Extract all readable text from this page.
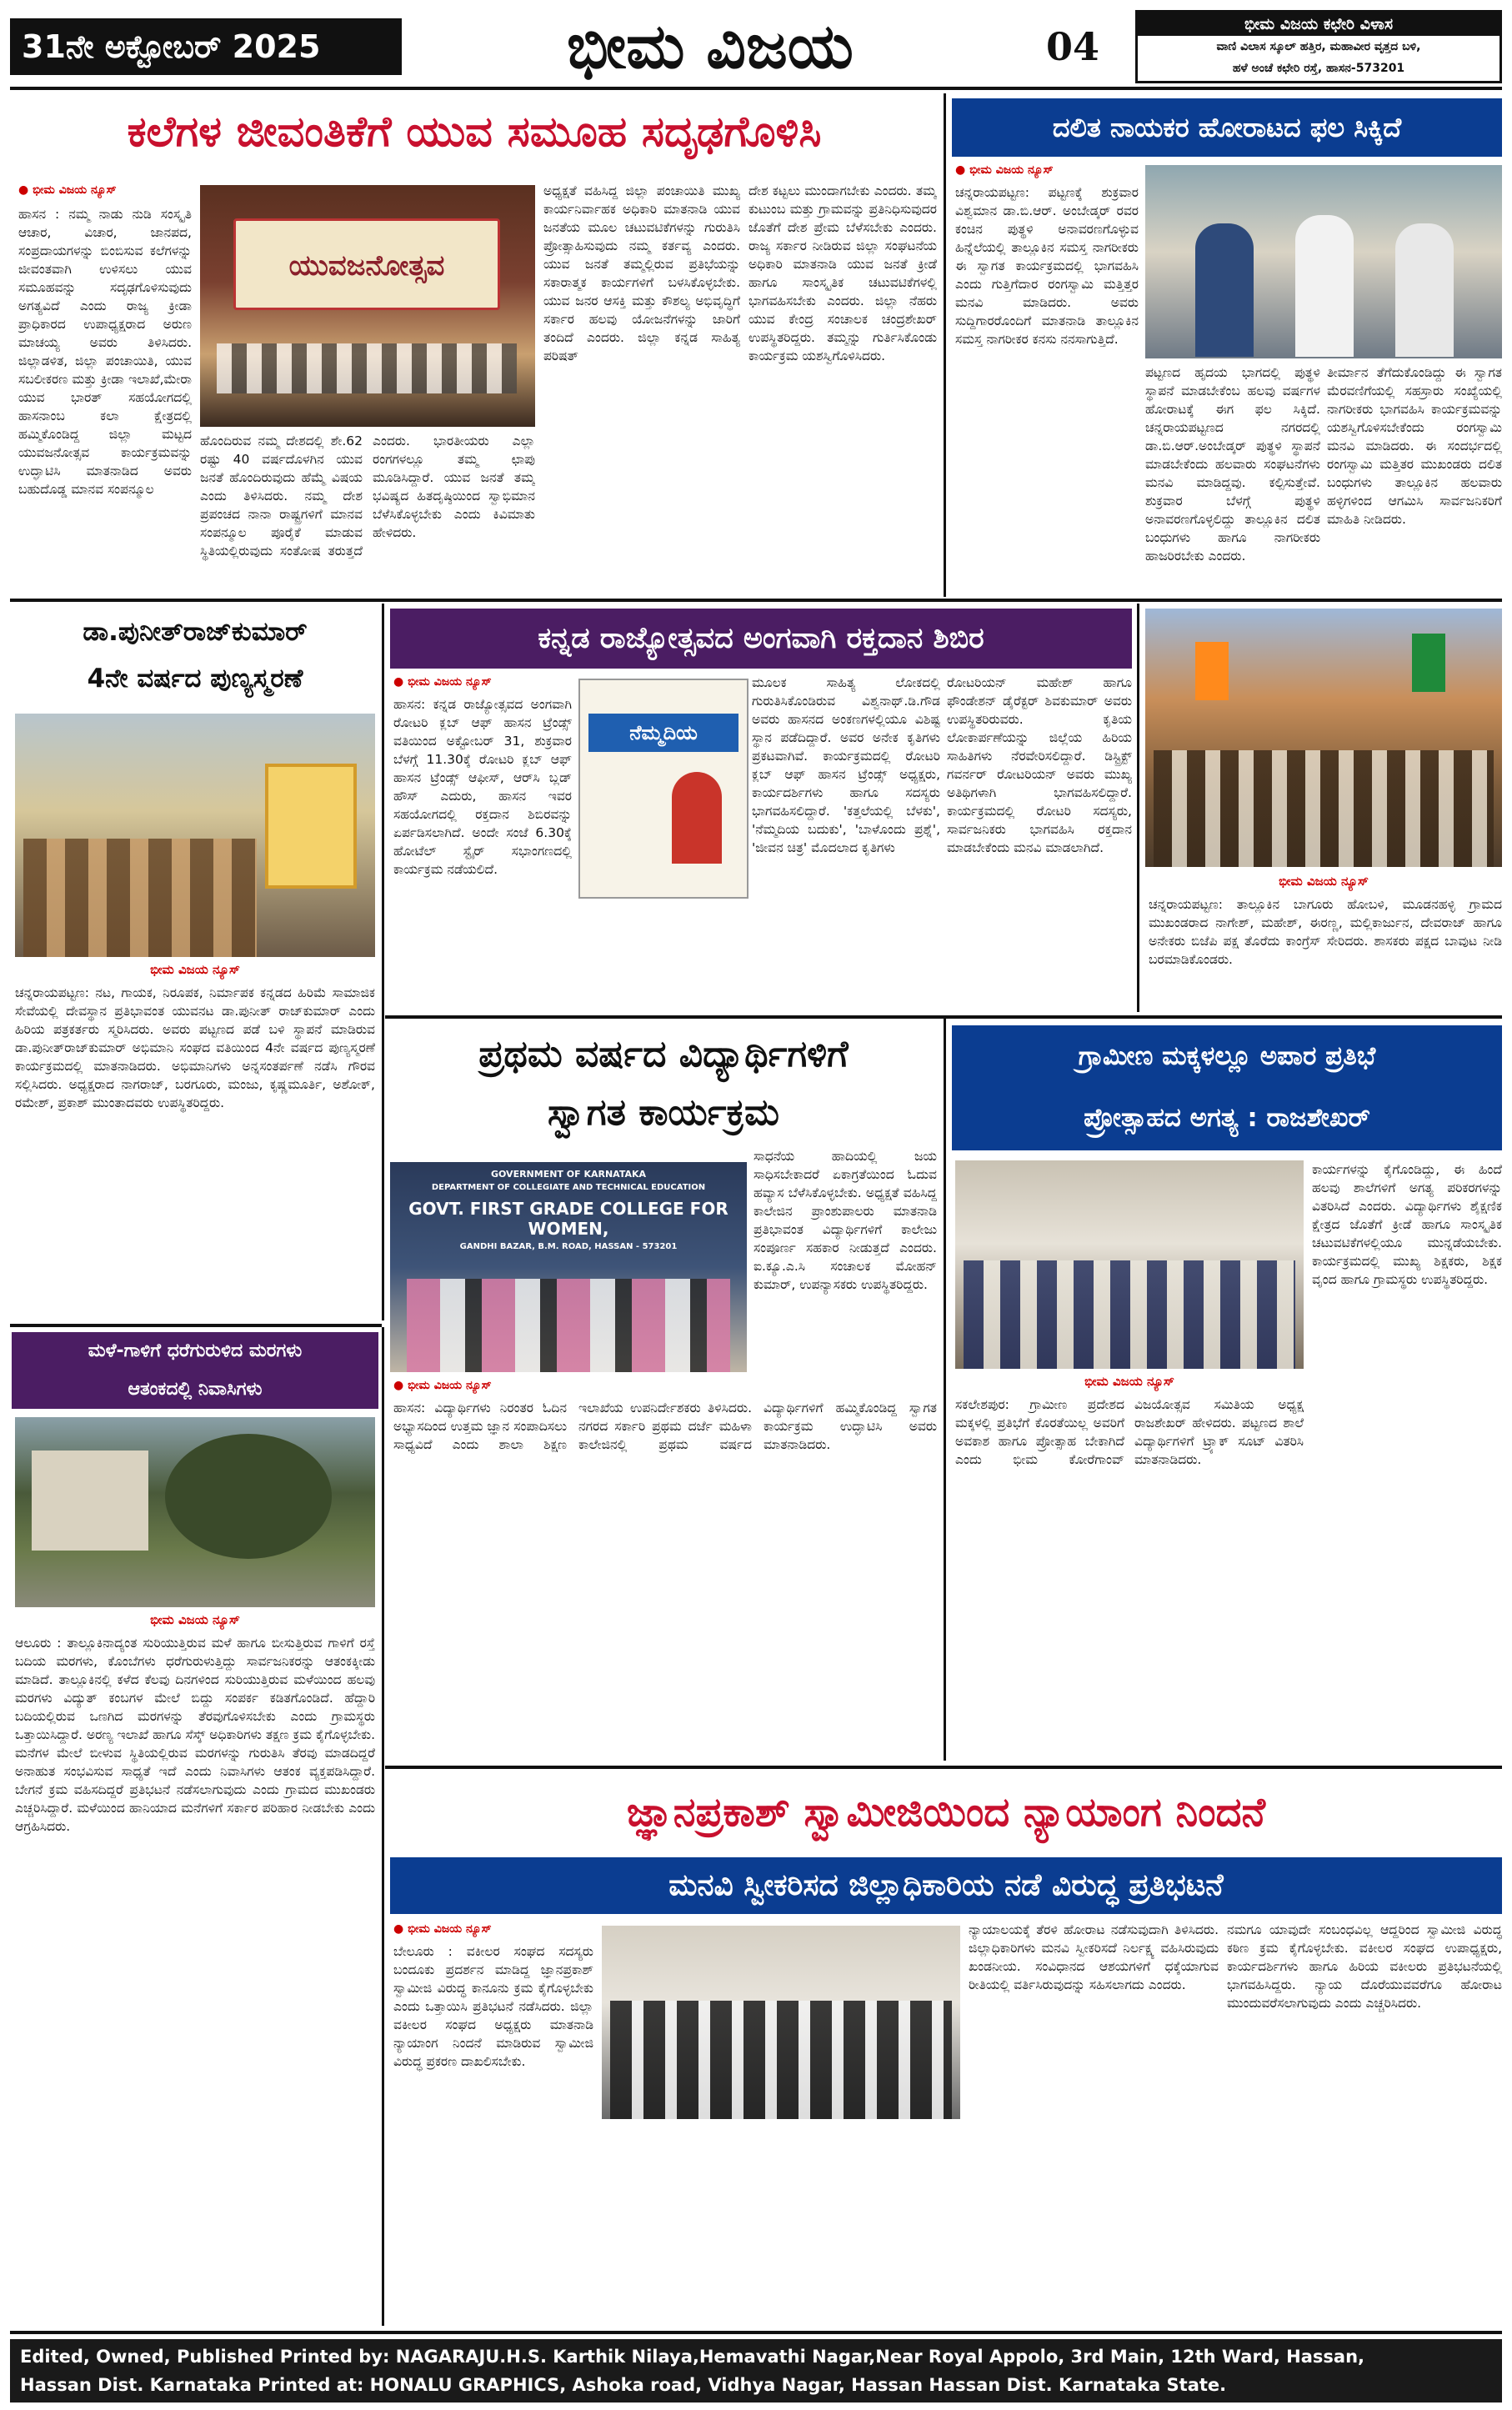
31ನೇ ಅಕ್ಟೋಬರ್ 2025	ಭೀಮ ವಿಜಯ	04	ಭೀಮ ವಿಜಯ ಕಛೇರಿ ವಿಳಾಸ
ವಾಣಿ ವಿಲಾಸ ಸ್ಕೂಲ್ ಹತ್ತಿರ, ಮಹಾವೀರ ವೃತ್ತದ ಬಳಿ,
ಹಳೆ ಅಂಚೆ ಕಛೇರಿ ರಸ್ತೆ, ಹಾಸನ-573201
ಕಲೆಗಳ ಜೀವಂತಿಕೆಗೆ ಯುವ ಸಮೂಹ ಸದೃಢಗೊಳಿಸಿ
● ಭೀಮ ವಿಜಯ ನ್ಯೂಸ್
ಹಾಸನ : ನಮ್ಮ ನಾಡು ನುಡಿ ಸಂಸ್ಕೃತಿ ಆಚಾರ, ವಿಚಾರ, ಜಾನಪದ, ಸಂಪ್ರದಾಯಗಳನ್ನು ಬಿಂಬಿಸುವ ಕಲೆಗಳನ್ನು ಜೀವಂತವಾಗಿ ಉಳಿಸಲು ಯುವ ಸಮೂಹವನ್ನು ಸದೃಢಗೊಳಿಸುವುದು ಅಗತ್ಯವಿದೆ ಎಂದು ರಾಜ್ಯ ಕ್ರೀಡಾ ಪ್ರಾಧಿಕಾರದ ಉಪಾಧ್ಯಕ್ಷರಾದ ಅರುಣ ಮಾಚಯ್ಯ ಅವರು ತಿಳಿಸಿದರು. ಜಿಲ್ಲಾಡಳಿತ, ಜಿಲ್ಲಾ ಪಂಚಾಯಿತಿ, ಯುವ ಸಬಲೀಕರಣ ಮತ್ತು ಕ್ರೀಡಾ ಇಲಾಖೆ,ಮೇರಾ ಯುವ ಭಾರತ್ ಸಹಯೋಗದಲ್ಲಿ ಹಾಸನಾಂಬ ಕಲಾ ಕ್ಷೇತ್ರದಲ್ಲಿ ಹಮ್ಮಿಕೊಂಡಿದ್ದ ಜಿಲ್ಲಾ ಮಟ್ಟದ ಯುವಜನೋತ್ಸವ ಕಾರ್ಯಕ್ರಮವನ್ನು ಉದ್ಘಾಟಿಸಿ ಮಾತನಾಡಿದ ಅವರು ಬಹುದೊಡ್ಡ ಮಾನವ ಸಂಪನ್ಮೂಲ
ಯುವಜನೋತ್ಸವ
ಹೊಂದಿರುವ ನಮ್ಮ ದೇಶದಲ್ಲಿ ಶೇ.62 ರಷ್ಟು 40 ವರ್ಷದೊಳಗಿನ ಯುವ ಜನತೆ ಹೊಂದಿರುವುದು ಹೆಮ್ಮೆ ವಿಷಯ ಎಂದು ತಿಳಿಸಿದರು. ನಮ್ಮ ದೇಶ ಪ್ರಪಂಚದ ನಾನಾ ರಾಷ್ಟ್ರಗಳಿಗೆ ಮಾನವ ಸಂಪನ್ಮೂಲ ಪೂರೈಕೆ ಮಾಡುವ ಸ್ಥಿತಿಯಲ್ಲಿರುವುದು ಸಂತೋಷ ತರುತ್ತದೆ ಎಂದರು. ಭಾರತೀಯರು ಎಲ್ಲಾ ರಂಗಗಳಲ್ಲೂ ತಮ್ಮ ಛಾಪು ಮೂಡಿಸಿದ್ದಾರೆ. ಯುವ ಜನತೆ ತಮ್ಮ ಭವಿಷ್ಯದ ಹಿತದೃಷ್ಠಿಯಿಂದ ಸ್ವಾಭಿಮಾನ ಬೆಳೆಸಿಕೊಳ್ಳಬೇಕು ಎಂದು ಕಿವಿಮಾತು ಹೇಳಿದರು.
ಅಧ್ಯಕ್ಷತೆ ವಹಿಸಿದ್ದ ಜಿಲ್ಲಾ ಪಂಚಾಯಿತಿ ಮುಖ್ಯ ಕಾರ್ಯನಿರ್ವಾಹಕ ಅಧಿಕಾರಿ ಮಾತನಾಡಿ ಯುವ ಜನತೆಯ ಮೂಲ ಚಟುವಟಿಕೆಗಳನ್ನು ಗುರುತಿಸಿ ಪ್ರೋತ್ಸಾಹಿಸುವುದು ನಮ್ಮ ಕರ್ತವ್ಯ ಎಂದರು. ಯುವ ಜನತೆ ತಮ್ಮಲ್ಲಿರುವ ಪ್ರತಿಭೆಯನ್ನು ಸಕಾರಾತ್ಮಕ ಕಾರ್ಯಗಳಿಗೆ ಬಳಸಿಕೊಳ್ಳಬೇಕು. ಯುವ ಜನರ ಆಸಕ್ತಿ ಮತ್ತು ಕೌಶಲ್ಯ ಅಭಿವೃದ್ಧಿಗೆ ಸರ್ಕಾರ ಹಲವು ಯೋಜನೆಗಳನ್ನು ಜಾರಿಗೆ ತಂದಿದೆ ಎಂದರು. ಜಿಲ್ಲಾ ಕನ್ನಡ ಸಾಹಿತ್ಯ ಪರಿಷತ್
ದೇಶ ಕಟ್ಟಲು ಮುಂದಾಗಬೇಕು ಎಂದರು. ತಮ್ಮ ಕುಟುಂಬ ಮತ್ತು ಗ್ರಾಮವನ್ನು ಪ್ರತಿನಿಧಿಸುವುದರ ಜೊತೆಗೆ ದೇಶ ಪ್ರೇಮ ಬೆಳೆಸಬೇಕು ಎಂದರು. ರಾಜ್ಯ ಸರ್ಕಾರ ನೀಡಿರುವ ಜಿಲ್ಲಾ ಸಂಘಟನೆಯ ಅಧಿಕಾರಿ ಮಾತನಾಡಿ ಯುವ ಜನತೆ ಕ್ರೀಡೆ ಹಾಗೂ ಸಾಂಸ್ಕೃತಿಕ ಚಟುವಟಿಕೆಗಳಲ್ಲಿ ಭಾಗವಹಿಸಬೇಕು ಎಂದರು. ಜಿಲ್ಲಾ ನೆಹರು ಯುವ ಕೇಂದ್ರ ಸಂಚಾಲಕ ಚಂದ್ರಶೇಖರ್ ಉಪಸ್ಥಿತರಿದ್ದರು. ತಮ್ಮನ್ನು ಗುರ್ತಿಸಿಕೊಂಡು ಕಾರ್ಯಕ್ರಮ ಯಶಸ್ವಿಗೊಳಿಸಿದರು.
ದಲಿತ ನಾಯಕರ ಹೋರಾಟದ ಫಲ ಸಿಕ್ಕಿದೆ
● ಭೀಮ ವಿಜಯ ನ್ಯೂಸ್
ಚನ್ನರಾಯಪಟ್ಟಣ: ಪಟ್ಟಣಕ್ಕೆ ಶುಕ್ರವಾರ ವಿಶ್ವಮಾನ ಡಾ.ಬಿ.ಆರ್. ಅಂಬೇಡ್ಕರ್ ರವರ ಕಂಚಿನ ಪುತ್ಥಳಿ ಅನಾವರಣಗೊಳ್ಳುವ ಹಿನ್ನೆಲೆಯಲ್ಲಿ ತಾಲ್ಲೂಕಿನ ಸಮಸ್ತ ನಾಗರೀಕರು ಈ ಸ್ವಾಗತ ಕಾರ್ಯಕ್ರಮದಲ್ಲಿ ಭಾಗವಹಿಸಿ ಎಂದು ಗುತ್ತಿಗೆದಾರ ರಂಗಸ್ವಾಮಿ ಮತ್ತಿತ್ತರ ಮನವಿ ಮಾಡಿದರು. ಅವರು ಸುದ್ದಿಗಾರರೊಂದಿಗೆ ಮಾತನಾಡಿ ತಾಲ್ಲೂಕಿನ ಸಮಸ್ತ ನಾಗರೀಕರ ಕನಸು ನನಸಾಗುತ್ತಿದೆ.
ಪಟ್ಟಣದ ಹೃದಯ ಭಾಗದಲ್ಲಿ ಪುತ್ಥಳಿ ಸ್ಥಾಪನೆ ಮಾಡಬೇಕೆಂಬ ಹಲವು ವರ್ಷಗಳ ಹೋರಾಟಕ್ಕೆ ಈಗ ಫಲ ಸಿಕ್ಕಿದೆ. ಚನ್ನರಾಯಪಟ್ಟಣದ ನಗರದಲ್ಲಿ ಡಾ.ಬಿ.ಆರ್.ಅಂಬೇಡ್ಕರ್ ಪುತ್ಥಳಿ ಸ್ಥಾಪನೆ ಮಾಡಬೇಕೆಂದು ಹಲವಾರು ಸಂಘಟನೆಗಳು ಮನವಿ ಮಾಡಿದ್ದವು. ಕಲ್ಪಿಸುತ್ತೇವೆ. ಶುಕ್ರವಾರ ಬೆಳಗ್ಗೆ ಪುತ್ಥಳಿ ಅನಾವರಣಗೊಳ್ಳಲಿದ್ದು ತಾಲ್ಲೂಕಿನ ದಲಿತ ಬಂಧುಗಳು ಹಾಗೂ ನಾಗರೀಕರು ಹಾಜರಿರಬೇಕು ಎಂದರು.
ತೀರ್ಮಾನ ತೆಗೆದುಕೊಂಡಿದ್ದು ಈ ಸ್ವಾಗತ ಮೆರವಣಿಗೆಯಲ್ಲಿ ಸಹಸ್ರಾರು ಸಂಖ್ಯೆಯಲ್ಲಿ ನಾಗರೀಕರು ಭಾಗವಹಿಸಿ ಕಾರ್ಯಕ್ರಮವನ್ನು ಯಶಸ್ವಿಗೊಳಿಸಬೇಕೆಂದು ರಂಗಸ್ವಾಮಿ ಮನವಿ ಮಾಡಿದರು. ಈ ಸಂದರ್ಭದಲ್ಲಿ ರಂಗಸ್ವಾಮಿ ಮತ್ತಿತರ ಮುಖಂಡರು ದಲಿತ ಬಂಧುಗಳು ತಾಲ್ಲೂಕಿನ ಹಲವಾರು ಹಳ್ಳಿಗಳಿಂದ ಆಗಮಿಸಿ ಸಾರ್ವಜನಿಕರಿಗೆ ಮಾಹಿತಿ ನೀಡಿದರು.
ಡಾ.ಪುನೀತ್‌ರಾಜ್‌ಕುಮಾರ್
4ನೇ ವರ್ಷದ ಪುಣ್ಯಸ್ಮರಣೆ
ಭೀಮ ವಿಜಯ ನ್ಯೂಸ್
ಚನ್ನರಾಯಪಟ್ಟಣ: ನಟ, ಗಾಯಕ, ನಿರೂಪಕ, ನಿರ್ಮಾಪಕ ಕನ್ನಡದ ಹಿರಿಮೆ ಸಾಮಾಜಿಕ ಸೇವೆಯಲ್ಲಿ ದೇವಸ್ಥಾನ ಪ್ರತಿಭಾವಂತ ಯುವನಟ ಡಾ.ಪುನೀತ್ ರಾಜ್‌ಕುಮಾರ್ ಎಂದು ಹಿರಿಯ ಪತ್ರಕರ್ತರು ಸ್ಮರಿಸಿದರು. ಅವರು ಪಟ್ಟಣದ ಪಡೆ ಬಳಿ ಸ್ಥಾಪನೆ ಮಾಡಿರುವ ಡಾ.ಪುನೀತ್‌ರಾಜ್‌ಕುಮಾರ್ ಅಭಿಮಾನಿ ಸಂಘದ ವತಿಯಿಂದ 4ನೇ ವರ್ಷದ ಪುಣ್ಯಸ್ಮರಣೆ ಕಾರ್ಯಕ್ರಮದಲ್ಲಿ ಮಾತನಾಡಿದರು. ಅಭಿಮಾನಿಗಳು ಅನ್ನಸಂತರ್ಪಣೆ ನಡೆಸಿ ಗೌರವ ಸಲ್ಲಿಸಿದರು. ಅಧ್ಯಕ್ಷರಾದ ನಾಗರಾಜ್, ಬರಗೂರು, ಮಂಜು, ಕೃಷ್ಣಮೂರ್ತಿ, ಅಶೋಕ್, ರಮೇಶ್, ಪ್ರಕಾಶ್ ಮುಂತಾದವರು ಉಪಸ್ಥಿತರಿದ್ದರು.
ಕನ್ನಡ ರಾಜ್ಯೋತ್ಸವದ ಅಂಗವಾಗಿ ರಕ್ತದಾನ ಶಿಬಿರ
● ಭೀಮ ವಿಜಯ ನ್ಯೂಸ್
ಹಾಸನ: ಕನ್ನಡ ರಾಜ್ಯೋತ್ಸವದ ಅಂಗವಾಗಿ ರೋಟರಿ ಕ್ಲಬ್ ಆಫ್ ಹಾಸನ ಟ್ರೆಂಡ್ಸ್ ವತಿಯಿಂದ ಅಕ್ಟೋಬರ್ 31, ಶುಕ್ರವಾರ ಬೆಳಗ್ಗೆ 11.30ಕ್ಕೆ ರೋಟರಿ ಕ್ಲಬ್ ಆಫ್ ಹಾಸನ ಟ್ರೆಂಡ್ಸ್ ಆಫೀಸ್, ಆರ್‌ಸಿ ಬ್ಲಡ್ ಹೌಸ್ ಎದುರು, ಹಾಸನ ಇವರ ಸಹಯೋಗದಲ್ಲಿ ರಕ್ತದಾನ ಶಿಬಿರವನ್ನು ಏರ್ಪಡಿಸಲಾಗಿದೆ. ಅಂದೇ ಸಂಜೆ 6.30ಕ್ಕೆ ಹೋಟೆಲ್ ಸ್ಟೈರ್ ಸಭಾಂಗಣದಲ್ಲಿ ಕಾರ್ಯಕ್ರಮ ನಡೆಯಲಿದೆ.
ನೆಮ್ಮದಿಯ
ಮೂಲಕ ಸಾಹಿತ್ಯ ಲೋಕದಲ್ಲಿ ಗುರುತಿಸಿಕೊಂಡಿರುವ ವಿಶ್ವನಾಥ್.ಡಿ.ಗೌಡ ಅವರು ಹಾಸನದ ಅಂಕಣಗಳಲ್ಲಿಯೂ ವಿಶಿಷ್ಟ ಸ್ಥಾನ ಪಡೆದಿದ್ದಾರೆ. ಅವರ ಅನೇಕ ಕೃತಿಗಳು ಪ್ರಕಟವಾಗಿವೆ. ಕಾರ್ಯಕ್ರಮದಲ್ಲಿ ರೋಟರಿ ಕ್ಲಬ್ ಆಫ್ ಹಾಸನ ಟ್ರೆಂಡ್ಸ್ ಅಧ್ಯಕ್ಷರು, ಕಾರ್ಯದರ್ಶಿಗಳು ಹಾಗೂ ಸದಸ್ಯರು ಭಾಗವಹಿಸಲಿದ್ದಾರೆ. 'ಕತ್ತಲೆಯಲ್ಲಿ ಬೆಳಕು', 'ನೆಮ್ಮದಿಯ ಬದುಕು', 'ಬಾಳೊಂದು ಪ್ರಶ್ನೆ', 'ಜೀವನ ಚಿತ್ರ' ಮೊದಲಾದ ಕೃತಿಗಳು
ರೋಟರಿಯನ್ ಮಹೇಶ್ ಹಾಗೂ ಫೌಂಡೇಶನ್ ಡೈರೆಕ್ಟರ್ ಶಿವಕುಮಾರ್ ಅವರು ಉಪಸ್ಥಿತರಿರುವರು. ಕೃತಿಯ ಲೋಕಾರ್ಪಣೆಯನ್ನು ಜಿಲ್ಲೆಯ ಹಿರಿಯ ಸಾಹಿತಿಗಳು ನೆರವೇರಿಸಲಿದ್ದಾರೆ. ಡಿಸ್ಟ್ರಿಕ್ಟ್ ಗವರ್ನರ್ ರೋಟರಿಯನ್ ಅವರು ಮುಖ್ಯ ಅತಿಥಿಗಳಾಗಿ ಭಾಗವಹಿಸಲಿದ್ದಾರೆ. ಕಾರ್ಯಕ್ರಮದಲ್ಲಿ ರೋಟರಿ ಸದಸ್ಯರು, ಸಾರ್ವಜನಿಕರು ಭಾಗವಹಿಸಿ ರಕ್ತದಾನ ಮಾಡಬೇಕೆಂದು ಮನವಿ ಮಾಡಲಾಗಿದೆ.
ಭೀಮ ವಿಜಯ ನ್ಯೂಸ್
ಚನ್ನರಾಯಪಟ್ಟಣ: ತಾಲ್ಲೂಕಿನ ಬಾಗೂರು ಹೋಬಳಿ, ಮೂಡನಹಳ್ಳಿ ಗ್ರಾಮದ ಮುಖಂಡರಾದ ನಾಗೇಶ್, ಮಹೇಶ್, ಈರಣ್ಣ, ಮಲ್ಲಿಕಾರ್ಜುನ, ದೇವರಾಜ್ ಹಾಗೂ ಅನೇಕರು ಬಿಜೆಪಿ ಪಕ್ಷ ತೊರೆದು ಕಾಂಗ್ರೆಸ್ ಸೇರಿದರು. ಶಾಸಕರು ಪಕ್ಷದ ಬಾವುಟ ನೀಡಿ ಬರಮಾಡಿಕೊಂಡರು.
ಪ್ರಥಮ ವರ್ಷದ ವಿದ್ಯಾರ್ಥಿಗಳಿಗೆ
ಸ್ವಾಗತ ಕಾರ್ಯಕ್ರಮ
GOVERNMENT OF KARNATAKA
DEPARTMENT OF COLLEGIATE AND TECHNICAL EDUCATION
GOVT. FIRST GRADE COLLEGE FOR WOMEN,
GANDHI BAZAR, B.M. ROAD, HASSAN - 573201
ಸಾಧನೆಯ ಹಾದಿಯಲ್ಲಿ ಜಯ ಸಾಧಿಸಬೇಕಾದರೆ ಏಕಾಗ್ರತೆಯಿಂದ ಓದುವ ಹವ್ಯಾಸ ಬೆಳೆಸಿಕೊಳ್ಳಬೇಕು. ಅಧ್ಯಕ್ಷತೆ ವಹಿಸಿದ್ದ ಕಾಲೇಜಿನ ಪ್ರಾಂಶುಪಾಲರು ಮಾತನಾಡಿ ಪ್ರತಿಭಾವಂತ ವಿದ್ಯಾರ್ಥಿಗಳಿಗೆ ಕಾಲೇಜು ಸಂಪೂರ್ಣ ಸಹಕಾರ ನೀಡುತ್ತದೆ ಎಂದರು. ಐ.ಕ್ಯೂ.ಎ.ಸಿ ಸಂಚಾಲಕ ಮೋಹನ್ ಕುಮಾರ್, ಉಪನ್ಯಾಸಕರು ಉಪಸ್ಥಿತರಿದ್ದರು.
● ಭೀಮ ವಿಜಯ ನ್ಯೂಸ್
ಹಾಸನ: ವಿದ್ಯಾರ್ಥಿಗಳು ನಿರಂತರ ಓದಿನ ಅಭ್ಯಾಸದಿಂದ ಉತ್ತಮ ಜ್ಞಾನ ಸಂಪಾದಿಸಲು ಸಾಧ್ಯವಿದೆ ಎಂದು ಶಾಲಾ ಶಿಕ್ಷಣ ಇಲಾಖೆಯ ಉಪನಿರ್ದೇಶಕರು ತಿಳಿಸಿದರು. ನಗರದ ಸರ್ಕಾರಿ ಪ್ರಥಮ ದರ್ಜೆ ಮಹಿಳಾ ಕಾಲೇಜಿನಲ್ಲಿ ಪ್ರಥಮ ವರ್ಷದ ವಿದ್ಯಾರ್ಥಿಗಳಿಗೆ ಹಮ್ಮಿಕೊಂಡಿದ್ದ ಸ್ವಾಗತ ಕಾರ್ಯಕ್ರಮ ಉದ್ಘಾಟಿಸಿ ಅವರು ಮಾತನಾಡಿದರು.
ಗ್ರಾಮೀಣ ಮಕ್ಕಳಲ್ಲೂ ಅಪಾರ ಪ್ರತಿಭೆ
ಪ್ರೋತ್ಸಾಹದ ಅಗತ್ಯ : ರಾಜಶೇಖರ್
ಭೀಮ ವಿಜಯ ನ್ಯೂಸ್
ಸಕಲೇಶಪುರ: ಗ್ರಾಮೀಣ ಪ್ರದೇಶದ ಮಕ್ಕಳಲ್ಲಿ ಪ್ರತಿಭೆಗೆ ಕೊರತೆಯಿಲ್ಲ ಅವರಿಗೆ ಅವಕಾಶ ಹಾಗೂ ಪ್ರೋತ್ಸಾಹ ಬೇಕಾಗಿದೆ ಎಂದು ಭೀಮ ಕೋರೆಗಾಂವ್ ವಿಜಯೋತ್ಸವ ಸಮಿತಿಯ ಅಧ್ಯಕ್ಷ ರಾಜಶೇಖರ್ ಹೇಳಿದರು. ಪಟ್ಟಣದ ಶಾಲೆ ವಿದ್ಯಾರ್ಥಿಗಳಿಗೆ ಟ್ರ್ಯಾಕ್ ಸೂಟ್ ವಿತರಿಸಿ ಮಾತನಾಡಿದರು.
ಕಾರ್ಯಗಳನ್ನು ಕೈಗೊಂಡಿದ್ದು, ಈ ಹಿಂದೆ ಹಲವು ಶಾಲೆಗಳಿಗೆ ಅಗತ್ಯ ಪರಿಕರಗಳನ್ನು ವಿತರಿಸಿದೆ ಎಂದರು. ವಿದ್ಯಾರ್ಥಿಗಳು ಶೈಕ್ಷಣಿಕ ಕ್ಷೇತ್ರದ ಜೊತೆಗೆ ಕ್ರೀಡೆ ಹಾಗೂ ಸಾಂಸ್ಕೃತಿಕ ಚಟುವಟಿಕೆಗಳಲ್ಲಿಯೂ ಮುನ್ನಡೆಯಬೇಕು. ಕಾರ್ಯಕ್ರಮದಲ್ಲಿ ಮುಖ್ಯ ಶಿಕ್ಷಕರು, ಶಿಕ್ಷಕ ವೃಂದ ಹಾಗೂ ಗ್ರಾಮಸ್ಥರು ಉಪಸ್ಥಿತರಿದ್ದರು.
ಮಳೆ-ಗಾಳಿಗೆ ಧರೆಗುರುಳಿದ ಮರಗಳು
ಆತಂಕದಲ್ಲಿ ನಿವಾಸಿಗಳು
ಭೀಮ ವಿಜಯ ನ್ಯೂಸ್
ಆಲೂರು : ತಾಲ್ಲೂಕಿನಾದ್ಯಂತ ಸುರಿಯುತ್ತಿರುವ ಮಳೆ ಹಾಗೂ ಬೀಸುತ್ತಿರುವ ಗಾಳಿಗೆ ರಸ್ತೆ ಬದಿಯ ಮರಗಳು, ಕೊಂಬೆಗಳು ಧರೆಗುರುಳುತ್ತಿದ್ದು ಸಾರ್ವಜನಿಕರನ್ನು ಆತಂಕಕ್ಕೀಡು ಮಾಡಿದೆ. ತಾಲ್ಲೂಕಿನಲ್ಲಿ ಕಳೆದ ಕೆಲವು ದಿನಗಳಿಂದ ಸುರಿಯುತ್ತಿರುವ ಮಳೆಯಿಂದ ಹಲವು ಮರಗಳು ವಿದ್ಯುತ್ ಕಂಬಗಳ ಮೇಲೆ ಬಿದ್ದು ಸಂಪರ್ಕ ಕಡಿತಗೊಂಡಿದೆ. ಹೆದ್ದಾರಿ ಬದಿಯಲ್ಲಿರುವ ಒಣಗಿದ ಮರಗಳನ್ನು ತೆರವುಗೊಳಿಸಬೇಕು ಎಂದು ಗ್ರಾಮಸ್ಥರು ಒತ್ತಾಯಿಸಿದ್ದಾರೆ. ಅರಣ್ಯ ಇಲಾಖೆ ಹಾಗೂ ಸೆಸ್ಕ್ ಅಧಿಕಾರಿಗಳು ತಕ್ಷಣ ಕ್ರಮ ಕೈಗೊಳ್ಳಬೇಕು. ಮನೆಗಳ ಮೇಲೆ ಬೀಳುವ ಸ್ಥಿತಿಯಲ್ಲಿರುವ ಮರಗಳನ್ನು ಗುರುತಿಸಿ ತೆರವು ಮಾಡದಿದ್ದರೆ ಅನಾಹುತ ಸಂಭವಿಸುವ ಸಾಧ್ಯತೆ ಇದೆ ಎಂದು ನಿವಾಸಿಗಳು ಆತಂಕ ವ್ಯಕ್ತಪಡಿಸಿದ್ದಾರೆ. ಬೇಗನೆ ಕ್ರಮ ವಹಿಸದಿದ್ದರೆ ಪ್ರತಿಭಟನೆ ನಡೆಸಲಾಗುವುದು ಎಂದು ಗ್ರಾಮದ ಮುಖಂಡರು ಎಚ್ಚರಿಸಿದ್ದಾರೆ. ಮಳೆಯಿಂದ ಹಾನಿಯಾದ ಮನೆಗಳಿಗೆ ಸರ್ಕಾರ ಪರಿಹಾರ ನೀಡಬೇಕು ಎಂದು ಆಗ್ರಹಿಸಿದರು.	ಜ್ಞಾನಪ್ರಕಾಶ್ ಸ್ವಾಮೀಜಿಯಿಂದ ನ್ಯಾಯಾಂಗ ನಿಂದನೆ
ಮನವಿ ಸ್ವೀಕರಿಸದ ಜಿಲ್ಲಾಧಿಕಾರಿಯ ನಡೆ ವಿರುದ್ಧ ಪ್ರತಿಭಟನೆ
● ಭೀಮ ವಿಜಯ ನ್ಯೂಸ್
ಬೇಲೂರು : ವಕೀಲರ ಸಂಘದ ಸದಸ್ಯರು ಬಂದೂಕು ಪ್ರದರ್ಶನ ಮಾಡಿದ್ದ ಜ್ಞಾನಪ್ರಕಾಶ್ ಸ್ವಾಮೀಜಿ ವಿರುದ್ಧ ಕಾನೂನು ಕ್ರಮ ಕೈಗೊಳ್ಳಬೇಕು ಎಂದು ಒತ್ತಾಯಿಸಿ ಪ್ರತಿಭಟನೆ ನಡೆಸಿದರು. ಜಿಲ್ಲಾ ವಕೀಲರ ಸಂಘದ ಅಧ್ಯಕ್ಷರು ಮಾತನಾಡಿ ನ್ಯಾಯಾಂಗ ನಿಂದನೆ ಮಾಡಿರುವ ಸ್ವಾಮೀಜಿ ವಿರುದ್ಧ ಪ್ರಕರಣ ದಾಖಲಿಸಬೇಕು.
ನ್ಯಾಯಾಲಯಕ್ಕೆ ತೆರಳಿ ಹೋರಾಟ ನಡೆಸುವುದಾಗಿ ತಿಳಿಸಿದರು. ಜಿಲ್ಲಾಧಿಕಾರಿಗಳು ಮನವಿ ಸ್ವೀಕರಿಸದೆ ನಿರ್ಲಕ್ಷ್ಯ ವಹಿಸಿರುವುದು ಖಂಡನೀಯ. ಸಂವಿಧಾನದ ಆಶಯಗಳಿಗೆ ಧಕ್ಕೆಯಾಗುವ ರೀತಿಯಲ್ಲಿ ವರ್ತಿಸಿರುವುದನ್ನು ಸಹಿಸಲಾಗದು ಎಂದರು.
ನಮಗೂ ಯಾವುದೇ ಸಂಬಂಧವಿಲ್ಲ ಆದ್ದರಿಂದ ಸ್ವಾಮೀಜಿ ವಿರುದ್ಧ ಕಠಿಣ ಕ್ರಮ ಕೈಗೊಳ್ಳಬೇಕು. ವಕೀಲರ ಸಂಘದ ಉಪಾಧ್ಯಕ್ಷರು, ಕಾರ್ಯದರ್ಶಿಗಳು ಹಾಗೂ ಹಿರಿಯ ವಕೀಲರು ಪ್ರತಿಭಟನೆಯಲ್ಲಿ ಭಾಗವಹಿಸಿದ್ದರು. ನ್ಯಾಯ ದೊರೆಯುವವರೆಗೂ ಹೋರಾಟ ಮುಂದುವರೆಸಲಾಗುವುದು ಎಂದು ಎಚ್ಚರಿಸಿದರು.
Edited, Owned, Published Printed by: NAGARAJU.H.S. Karthik Nilaya,Hemavathi Nagar,Near Royal Appolo, 3rd Main, 12th Ward, Hassan,
Hassan Dist. Karnataka Printed at: HONALU GRAPHICS, Ashoka road, Vidhya Nagar, Hassan Hassan Dist. Karnataka State.
